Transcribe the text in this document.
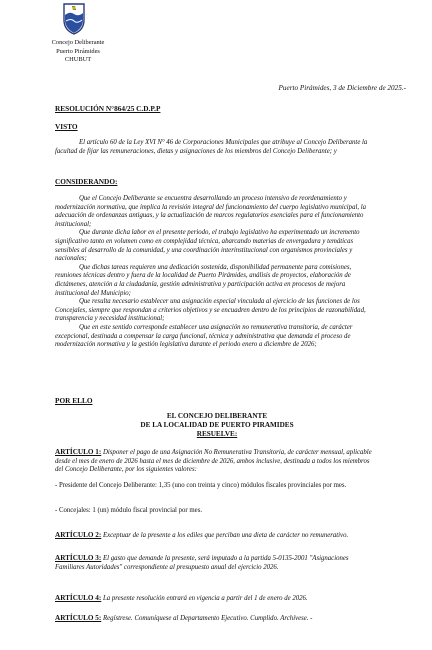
Concejo Deliberante
Puerto Pirámides
CHUBUT
Puerto Pirámides, 3 de Diciembre de 2025.-
RESOLUCIÓN N°864/25 C.D.P.P
VISTO

El artículo 60 de la Ley XVI N° 46 de Corporaciones Municipales que atribuye al Concejo Deliberante la facultad de fijar las remuneraciones, dietas y asignaciones de los miembros del Concejo Deliberante; y

CONSIDERANDO:

Que el Concejo Deliberante se encuentra desarrollando un proceso intensivo de reordenamiento y modernización normativa, que implica la revisión integral del funcionamiento del cuerpo legislativo municipal, la adecuación de ordenanzas antiguas, y la actualización de marcos regulatorios esenciales para el funcionamiento institucional;

Que durante dicha labor en el presente periodo, el trabajo legislativo ha experimentado un incremento significativo tanto en volumen como en complejidad técnica, abarcando materias de envergadura y temáticas sensibles al desarrollo de la comunidad, y una coordinación interinstitucional con organismos provinciales y nacionales;

Que dichas tareas requieren una dedicación sostenida, disponibilidad permanente para comisiones, reuniones técnicas dentro y fuera de la localidad de Puerto Pirámides, análisis de proyectos, elaboración de dictámenes, atención a la ciudadanía, gestión administrativa y participación activa en procesos de mejora institucional del Municipio;

Que resulta necesario establecer una asignación especial vinculada al ejercicio de las funciones de los Concejales, siempre que respondan a criterios objetivos y se encuadren dentro de los principios de razonabilidad, transparencia y necesidad institucional;

Que en este sentido corresponde establecer una asignación no remunerativa transitoria, de carácter excepcional, destinada a compensar la carga funcional, técnica y administrativa que demanda el proceso de modernización normativa y la gestión legislativa durante el periodo enero a diciembre de 2026;

POR ELLO
EL CONCEJO DELIBERANTE
DE LA LOCALIDAD DE PUERTO PIRAMIDES
RESUELVE:

ARTÍCULO 1: Disponer el pago de una Asignación No Remunerativa Transitoria, de carácter mensual, aplicable desde el mes de enero de 2026 hasta el mes de diciembre de 2026, ambos inclusive, destinada a todos los miembros del Concejo Deliberante, por los siguientes valores:

- Presidente del Concejo Deliberante: 1,35 (uno con treinta y cinco) módulos fiscales provinciales por mes.

- Concejales: 1 (un) módulo fiscal provincial por mes.

ARTÍCULO 2: Exceptuar de la presente a los ediles que perciban una dieta de carácter no remunerativo.

ARTÍCULO 3: El gasto que demande la presente, será imputado a la partida 5-0135-2001 "Asignaciones Familiares Autoridades" correspondiente al presupuesto anual del ejercicio 2026.

ARTÍCULO 4: La presente resolución entrará en vigencia a partir del 1 de enero de 2026.

ARTÍCULO 5: Regístrese. Comuníquese al Departamento Ejecutivo. Cumplido. Archívese. -
